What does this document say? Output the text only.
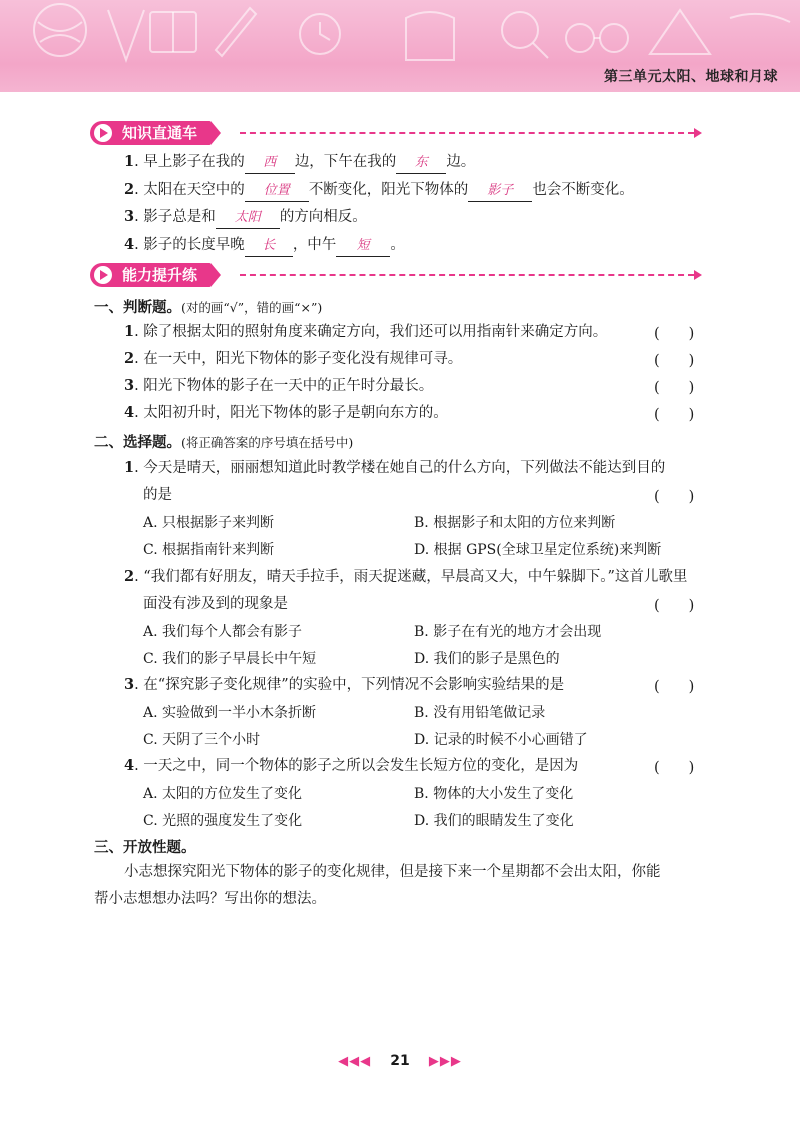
第三单元太阳、地球和月球
知识直通车
1. 早上影子在我的 西 边，下午在我的 东 边。
2. 太阳在天空中的 位置 不断变化，阳光下物体的 影子 也会不断变化。
3. 影子总是和 太阳 的方向相反。
4. 影子的长度早晚 长 ，中午 短 。
能力提升练
一、判断题。(对的画“√”，错的画“×”)
1. 除了根据太阳的照射角度来确定方向，我们还可以用指南针来确定方向。	(　　)
2. 在一天中，阳光下物体的影子变化没有规律可寻。	(　　)
3. 阳光下物体的影子在一天中的正午时分最长。	(　　)
4. 太阳初升时，阳光下物体的影子是朝向东方的。	(　　)
二、选择题。(将正确答案的序号填在括号中)
1. 今天是晴天，丽丽想知道此时教学楼在她自己的什么方向，下列做法不能达到目的
的是	(　　)
A. 只根据影子来判断	B. 根据影子和太阳的方位来判断
C. 根据指南针来判断	D. 根据 GPS(全球卫星定位系统)来判断
2. “我们都有好朋友，晴天手拉手，雨天捉迷藏，早晨高又大，中午躲脚下。”这首儿歌里
面没有涉及到的现象是	(　　)
A. 我们每个人都会有影子	B. 影子在有光的地方才会出现
C. 我们的影子早晨长中午短	D. 我们的影子是黑色的
3. 在“探究影子变化规律”的实验中，下列情况不会影响实验结果的是	(　　)
A. 实验做到一半小木条折断	B. 没有用铅笔做记录
C. 天阴了三个小时	D. 记录的时候不小心画错了
4. 一天之中，同一个物体的影子之所以会发生长短方位的变化，是因为	(　　)
A. 太阳的方位发生了变化	B. 物体的大小发生了变化
C. 光照的强度发生了变化	D. 我们的眼睛发生了变化
三、开放性题。
小志想探究阳光下物体的影子的变化规律，但是接下来一个星期都不会出太阳，你能
帮小志想想办法吗？写出你的想法。
◀◀◀ 21 ▶▶▶
